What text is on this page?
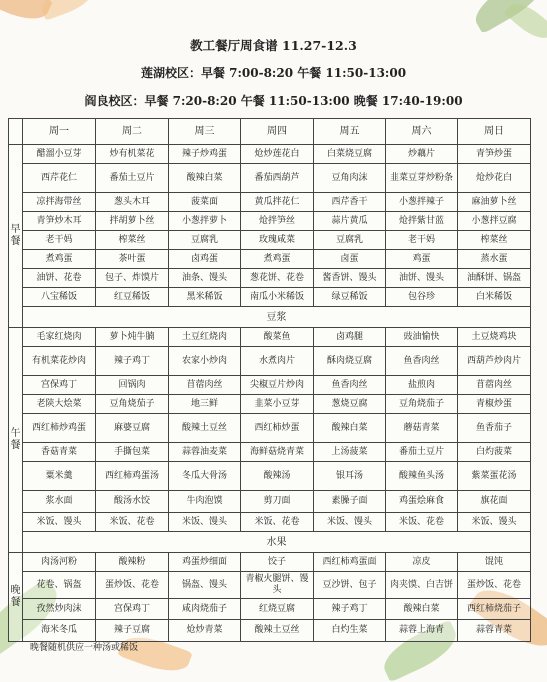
教工餐厅周食谱 11.27-12.3
莲湖校区：早餐 7:00-8:20 午餐 11:50-13:00
阎良校区：早餐 7:20-8:20 午餐 11:50-13:00 晚餐 17:40-19:00
	周一	周二	周三	周四	周五	周六	周日
早餐	醋溜小豆芽	炒有机菜花	辣子炒鸡蛋	炝炒莲花白	白菜烧豆腐	炒藕片	青笋炒蛋
	西芹花仁	番茄土豆片	酸辣白菜	番茄西葫芦	豆角肉沫	韭菜豆芽炒粉条	炝炒花白
	凉拌海带丝	葱头木耳	菠菜面	黄瓜拌花仁	西芹香干	小葱拌辣子	麻油萝卜丝
	青笋炒木耳	拌胡萝卜丝	小葱拌萝卜	炝拌笋丝	蒜片黄瓜	炝拌紫甘蓝	小葱拌豆腐
	老干妈	榨菜丝	豆腐乳	玫瑰咸菜	豆腐乳	老干妈	榨菜丝
	煮鸡蛋	茶叶蛋	卤鸡蛋	煮鸡蛋	卤蛋	鸡蛋	蒸水蛋
	油饼、花卷	包子、炸馍片	油条、馒头	葱花饼、花卷	酱香饼、馒头	油饼、馒头	油酥饼、锅盔
	八宝稀饭	红豆稀饭	黑米稀饭	南瓜小米稀饭	绿豆稀饭	包谷珍	白米稀饭
	豆浆						
午餐	毛家红烧肉	萝卜炖牛腩	土豆红烧肉	酸菜鱼	卤鸡腿	豉油愉快	土豆烧鸡块
	有机菜花炒肉	辣子鸡丁	农家小炒肉	水煮肉片	酥肉烧豆腐	鱼香肉丝	西葫芦炒肉片
	宫保鸡丁	回锅肉	苜蓿肉丝	尖椒豆片炒肉	鱼香肉丝	盐煎肉	苜蓿肉丝
	老陕大烩菜	豆角烧茄子	地三鲜	韭菜小豆芽	葱烧豆腐	豆角烧茄子	青椒炒蛋
	西红柿炒鸡蛋	麻婆豆腐	酸辣土豆丝	西红柿炒蛋	酸辣白菜	蘑菇青菜	鱼香茄子
	香菇青菜	手撕包菜	蒜蓉油麦菜	海鲜菇烧青菜	上汤菠菜	番茄土豆片	白灼菠菜
	粟米羹	西红柿鸡蛋汤	冬瓜大骨汤	酸辣汤	银耳汤	酸辣鱼头汤	紫菜蛋花汤
	浆水面	酸汤水饺	牛肉泡馍	剪刀面	素臊子面	鸡蛋烩麻食	旗花面
	米饭、馒头	米饭、花卷	米饭、馒头	米饭、花卷	米饭、馒头	米饭、花卷	米饭、馒头
	水果						
晚餐	肉汤河粉	酸辣粉	鸡蛋炒细面	饺子	西红柿鸡蛋面	凉皮	馄饨
	花卷、锅盔	蛋炒饭、花卷	锅盔、馒头	青椒火腿饼、馒头	豆沙饼、包子	肉夹馍、白吉饼	蛋炒饭、花卷
	孜然炒肉沫	宫保鸡丁	咸肉烧茄子	红烧豆腐	辣子鸡丁	酸辣白菜	西红柿烧茄子
	海米冬瓜	辣子豆腐	炝炒青菜	酸辣土豆丝	白灼生菜	蒜蓉上海青	蒜蓉青菜
晚餐随机供应一种汤或稀饭
